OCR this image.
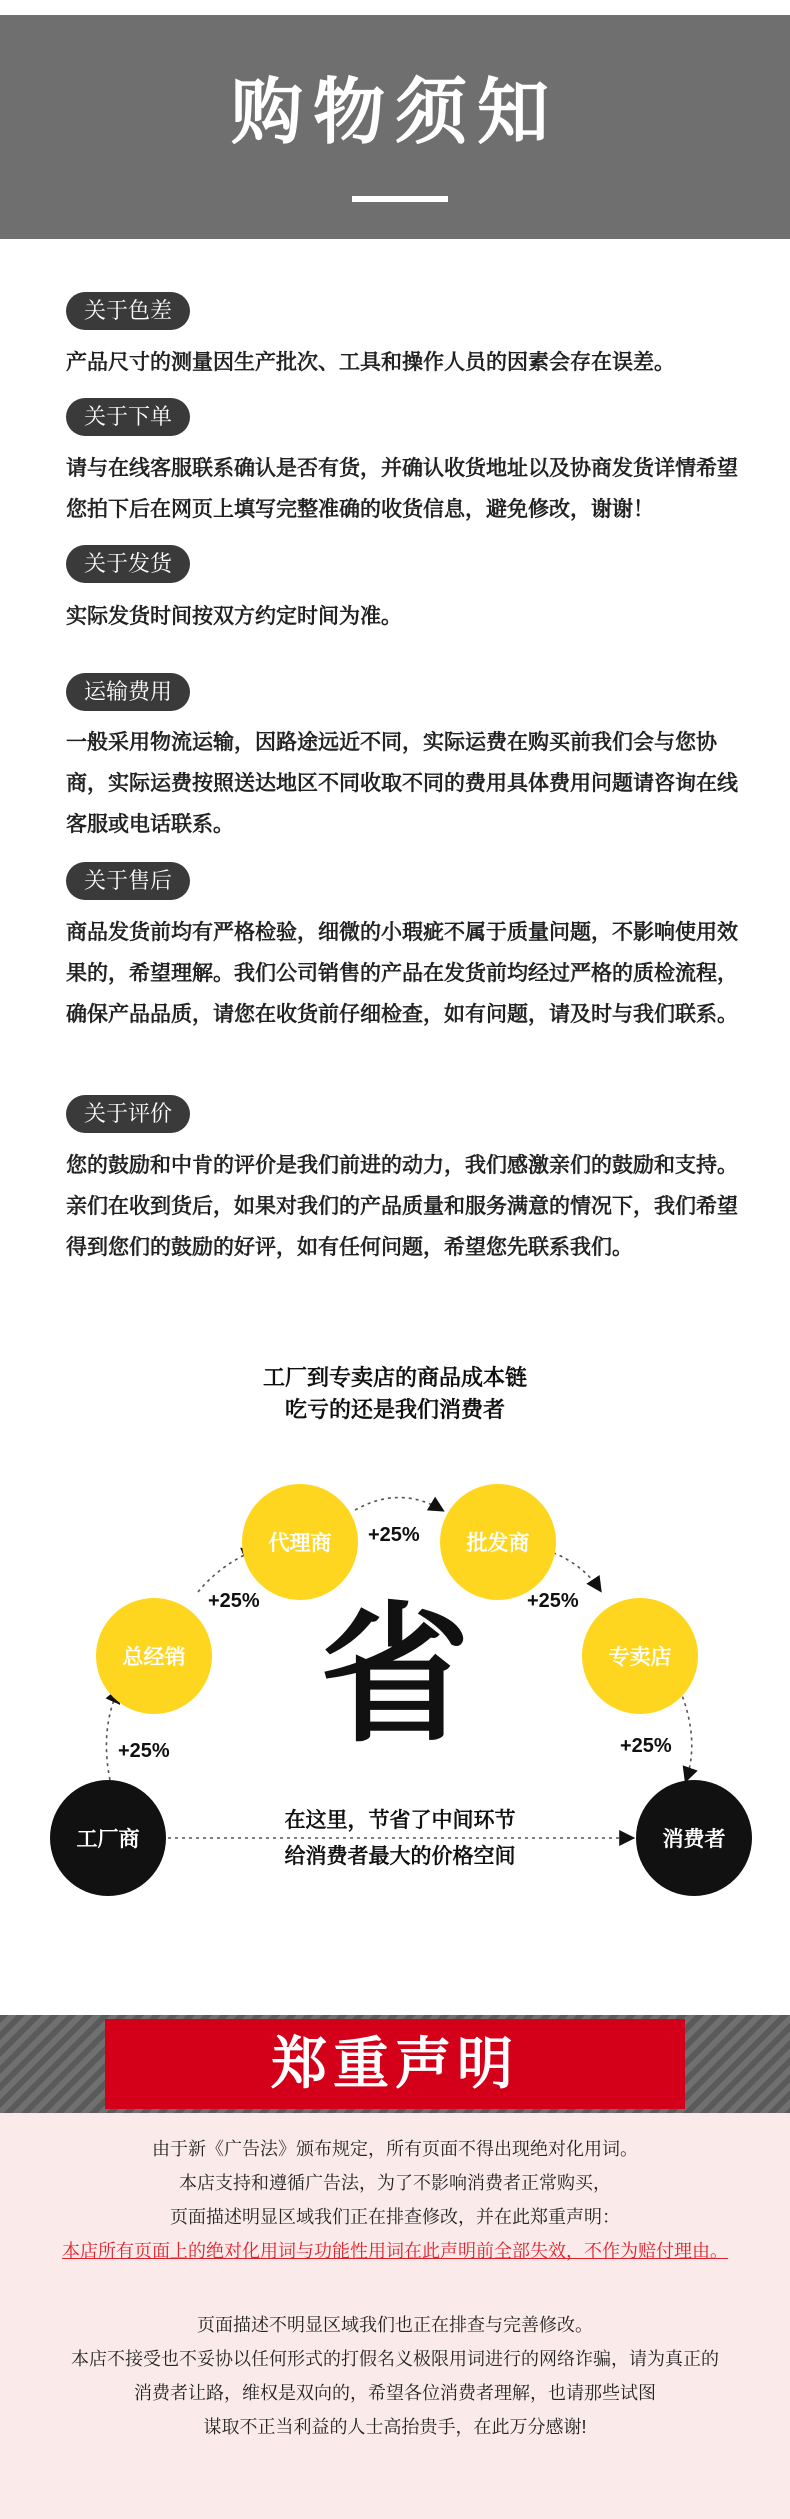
购物须知
关于色差

产品尺寸的测量因生产批次、工具和操作人员的因素会存在误差。

关于下单

请与在线客服联系确认是否有货，并确认收货地址以及协商发货详情希望您拍下后在网页上填写完整准确的收货信息，避免修改，谢谢！

关于发货

实际发货时间按双方约定时间为准。

运输费用

一般采用物流运输，因路途远近不同，实际运费在购买前我们会与您协商，实际运费按照送达地区不同收取不同的费用具体费用问题请咨询在线客服或电话联系。

关于售后

商品发货前均有严格检验，细微的小瑕疵不属于质量问题，不影响使用效果的，希望理解。我们公司销售的产品在发货前均经过严格的质检流程，确保产品品质，请您在收货前仔细检查，如有问题，请及时与我们联系。

关于评价

您的鼓励和中肯的评价是我们前进的动力，我们感激亲们的鼓励和支持。亲们在收到货后，如果对我们的产品质量和服务满意的情况下，我们希望得到您们的鼓励的好评，如有任何问题，希望您先联系我们。

工厂到专卖店的商品成本链
吃亏的还是我们消费者
工厂商
总经销
代理商	批发商
专卖店
消费者
+25%
+25%
+25%
+25%
+25%
省
在这里，节省了中间环节
给消费者最大的价格空间
郑重声明
由于新《广告法》颁布规定，所有页面不得出现绝对化用词。
本店支持和遵循广告法，为了不影响消费者正常购买，
页面描述明显区域我们正在排查修改，并在此郑重声明：
本店所有页面上的绝对化用词与功能性用词在此声明前全部失效，不作为赔付理由。
页面描述不明显区域我们也正在排查与完善修改。
本店不接受也不妥协以任何形式的打假名义极限用词进行的网络诈骗，请为真正的
消费者让路，维权是双向的，希望各位消费者理解，也请那些试图
谋取不正当利益的人士高抬贵手，在此万分感谢!
